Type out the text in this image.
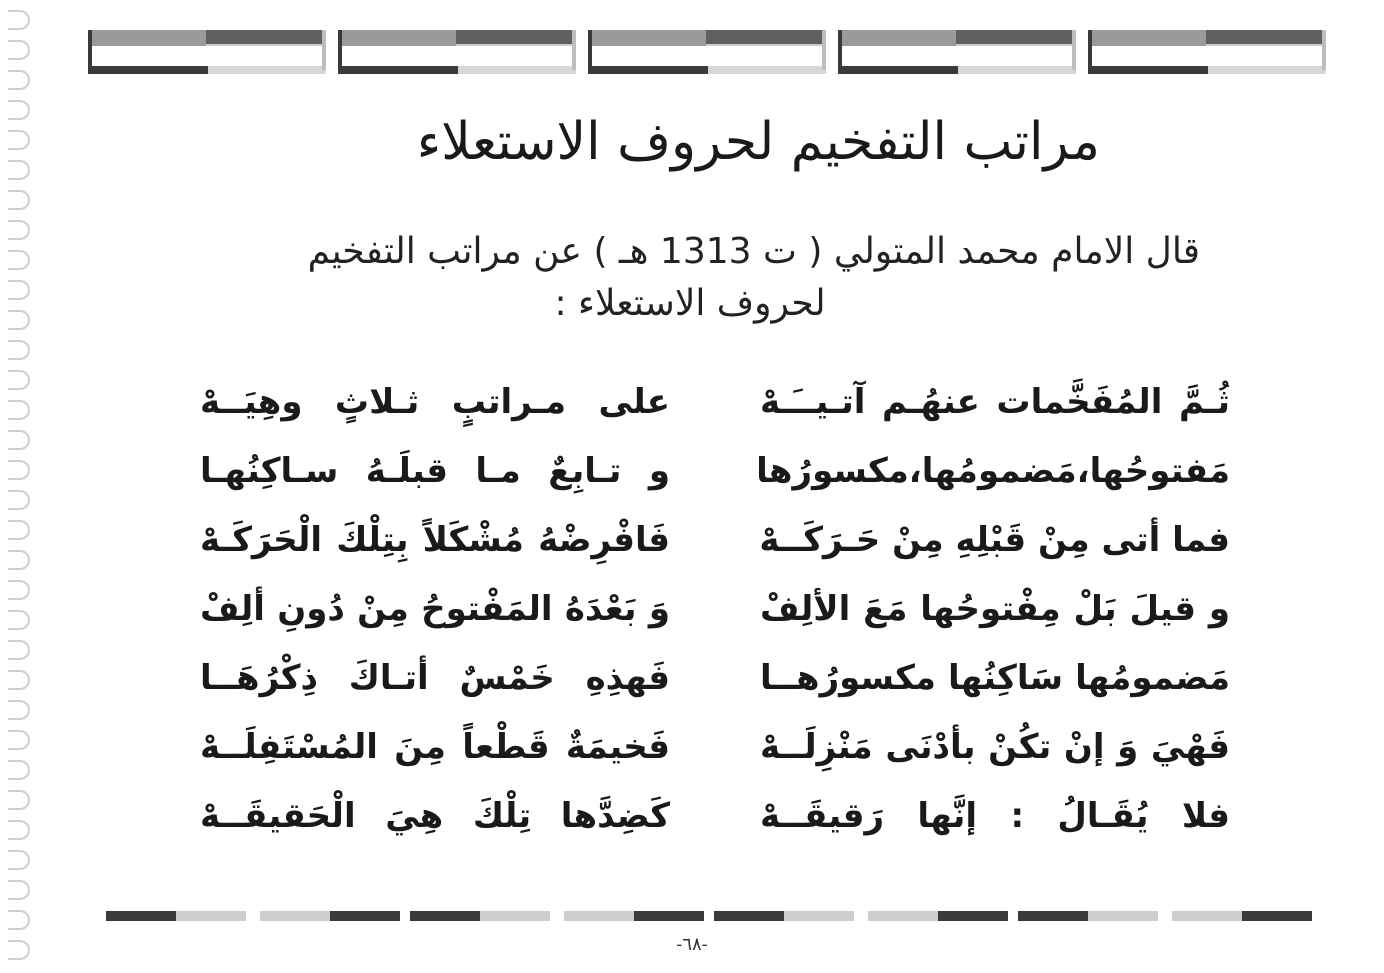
مراتب التفخيم لحروف الاستعلاء
قال الامام محمد المتولي ( ت 1313 هـ ) عن مراتب التفخيم
لحروف الاستعلاء :
ثُـمَّ المُفَخَّمات عنهُـم آتـيــَـهْ
مَفتوحُها،مَضمومُها،مكسورُها
فما أتى مِنْ قَبْلِهِ مِنْ حَـرَكَــهْ
و قيلَ بَلْ مِفْتوحُها مَعَ الألِفْ
مَضمومُها سَاكِنُها مكسورُهــا
فَهْيَ وَ إنْ تكُنْ بأدْنَى مَنْزِلَــهْ
فلا يُقَـالُ : إنَّها رَقيقَــهْ
على مـراتبٍ ثـلاثٍ وهِيَــهْ
و تـابِعٌ مـا قبلَـهُ سـاكِنُهـا
فَافْرِضْهُ مُشْكَلاً بِتِلْكَ الْحَرَكَـهْ
وَ بَعْدَهُ المَفْتوحُ مِنْ دُونِ ألِفْ
فَهذِهِ خَمْسٌ أتـاكَ ذِكْرُهَــا
فَخيمَةٌ قَطْعاً مِنَ المُسْتَفِلَــهْ
كَضِدَّها تِلْكَ هِيَ الْحَقيقَــهْ
-٦٨-
